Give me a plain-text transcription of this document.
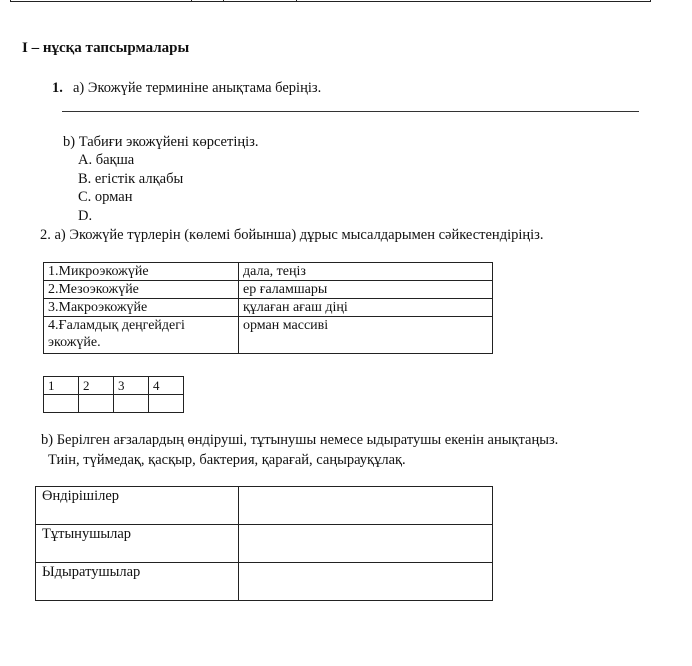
I – нұсқа тапсырмалары
1. а) Экожүйе терминіне анықтама беріңіз.
b) Табиғи экожүйені көрсетіңіз.
A. бақша
B. егістік алқабы
C. орман
D.
2. а) Экожүйе түрлерін (көлемі бойынша) дұрыс мысалдарымен сәйкестендіріңіз.
1.Микроэкожүйе	дала, теңіз
2.Мезоэкожүйе	ер ғаламшары
3.Макроэкожүйе	құлаған ағаш діңі
4.Ғаламдық деңгейдегі экожүйе.	орман массиві
1	2	3	4

b) Берілген ағзалардың өндіруші, тұтынушы немесе ыдыратушы екенін анықтаңыз.
Тиін, түймедақ, қасқыр, бактерия, қарағай, саңырауқұлақ.
Өндірішілер	
Тұтынушылар	
Ыдыратушылар	
